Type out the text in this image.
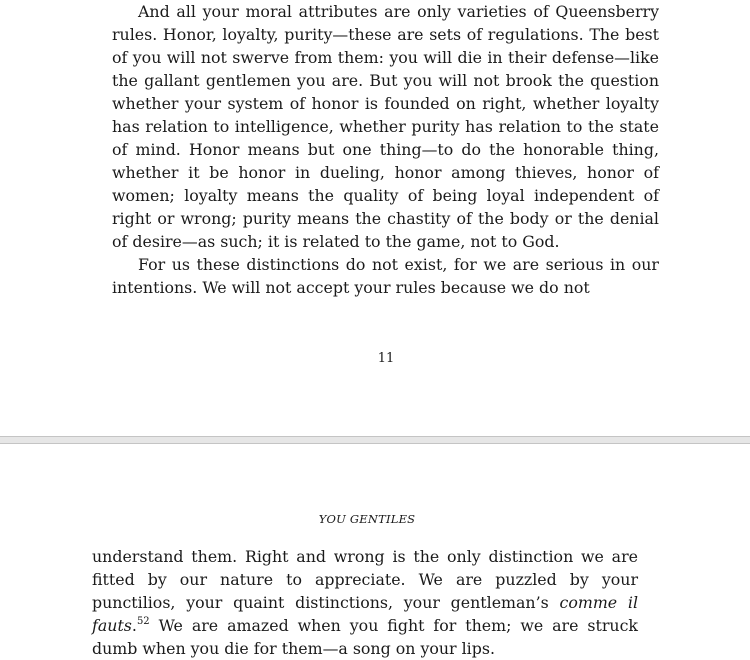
And all your moral attributes are only varieties of Queensberry rules. Honor, loyalty, purity—these are sets of regulations. The best of you will not swerve from them: you will die in their defense—like the gallant gentlemen you are. But you will not brook the question whether your system of honor is founded on right, whether loyalty has relation to intelligence, whether purity has relation to the state of mind. Honor means but one thing—to do the honorable thing, whether it be honor in dueling, honor among thieves, honor of women; loyalty means the quality of being loyal independent of right or wrong; purity means the chastity of the body or the denial of desire—as such; it is related to the game, not to God.

For us these distinctions do not exist, for we are serious in our intentions. We will not accept your rules because we do not

11
YOU GENTILES

understand them. Right and wrong is the only distinction we are fitted by our nature to appreciate. We are puzzled by your punctilios, your quaint distinctions, your gentleman’s comme il fauts.$^{52}$ We are amazed when you fight for them; we are struck dumb when you die for them—a song on your lips.
